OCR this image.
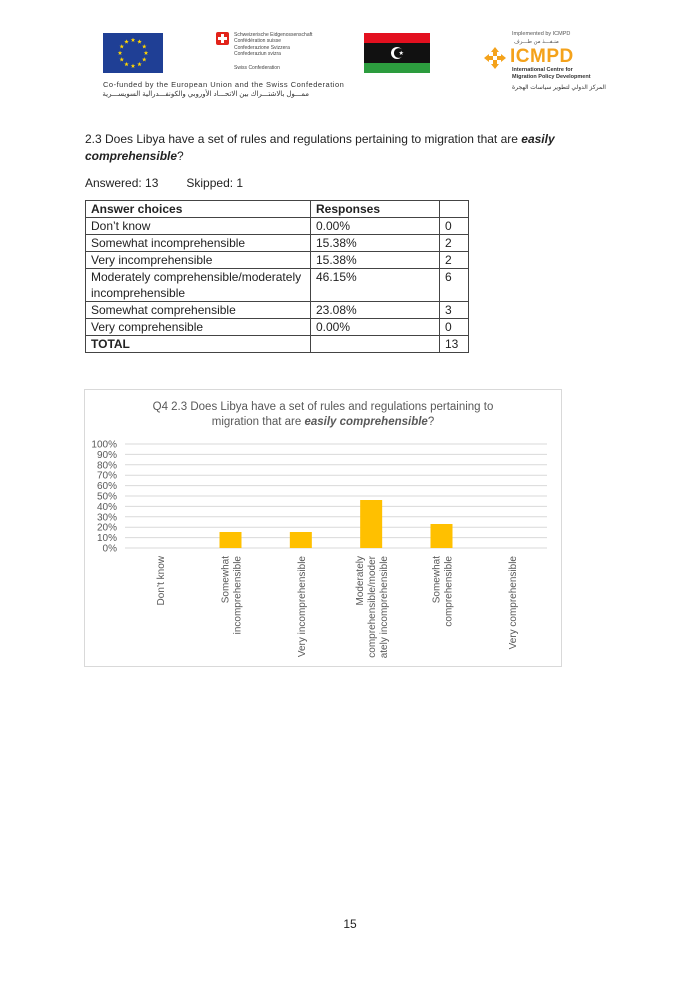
Schweizerische Eidgenossenschaft
Confédération suisse
Confederazione Svizzera
Confederaziun svizra
Swiss Confederation
Implemented by ICMPD
منـفـــذ من طـــرف
ICMPD
International Centre for
Migration Policy Development
المركز الدولي لتطوير سياسات الهجرة
Co-funded by the European Union and the Swiss Confederation
ممـــول بالاشتـــراك بين الاتحـــاد الأوروبي والكونفـــدرالية السويســـرية
2.3 Does Libya have a set of rules and regulations pertaining to migration that are easily comprehensible?
Answered: 13 Skipped: 1
Answer choices	Responses	
Don’t know	0.00%	0
Somewhat incomprehensible	15.38%	2
Very incomprehensible	15.38%	2
Moderately comprehensible/moderately incomprehensible	46.15%	6
Somewhat comprehensible	23.08%	3
Very comprehensible	0.00%	0
TOTAL		13
Q4 2.3 Does Libya have a set of rules and regulations pertaining to
migration that are easily comprehensible?
0%
10%
20%
30%
40%
50%
60%
70%
80%
90%
100%
Don’t know	Somewhatincomprehensible	Very incomprehensible	Moderatelycomprehensible/moderately incomprehensible	Somewhatcomprehensible	Very comprehensible
15
